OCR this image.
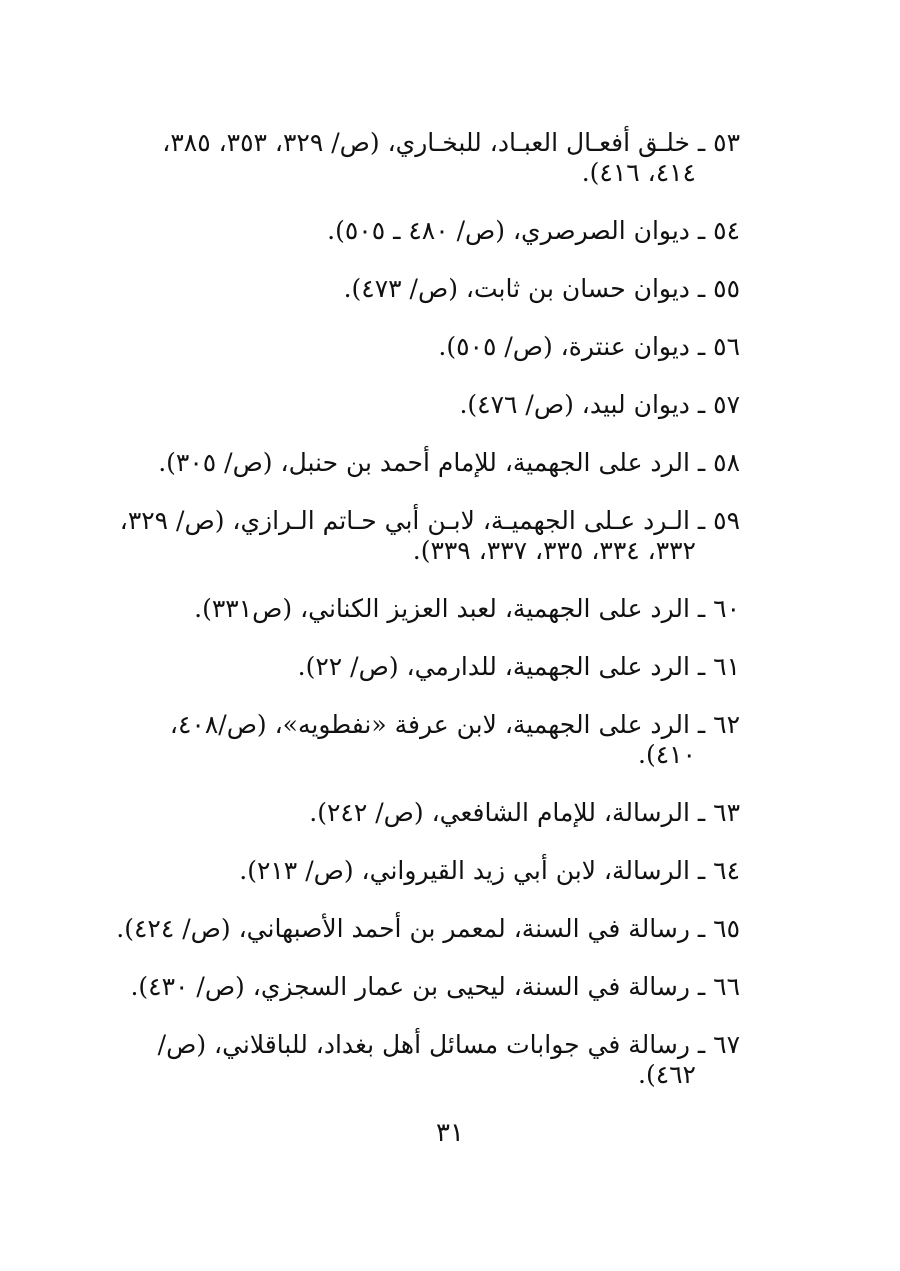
٥٣ ـ خلـق أفعـال العبـاد، للبخـاري، (ص/ ٣٢٩، ٣٥٣، ٣٨٥، ٤١٤، ٤١٦).
٥٤ ـ ديوان الصرصري، (ص/ ٤٨٠ ـ ٥٠٥).
٥٥ ـ ديوان حسان بن ثابت، (ص/ ٤٧٣).
٥٦ ـ ديوان عنترة، (ص/ ٥٠٥).
٥٧ ـ ديوان لبيد، (ص/ ٤٧٦).
٥٨ ـ الرد على الجهمية، للإمام أحمد بن حنبل، (ص/ ٣٠٥).
٥٩ ـ الـرد عـلى الجهميـة، لابـن أبي حـاتم الـرازي، (ص/ ٣٢٩، ٣٣٢، ٣٣٤، ٣٣٥، ٣٣٧، ٣٣٩).
٦٠ ـ الرد على الجهمية، لعبد العزيز الكناني، (ص٣٣١).
٦١ ـ الرد على الجهمية، للدارمي، (ص/ ٢٢).
٦٢ ـ الرد على الجهمية، لابن عرفة «نفطويه»، (ص/٤٠٨، ٤١٠).
٦٣ ـ الرسالة، للإمام الشافعي، (ص/ ٢٤٢).
٦٤ ـ الرسالة، لابن أبي زيد القيرواني، (ص/ ٢١٣).
٦٥ ـ رسالة في السنة، لمعمر بن أحمد الأصبهاني، (ص/ ٤٢٤).
٦٦ ـ رسالة في السنة، ليحيى بن عمار السجزي، (ص/ ٤٣٠).
٦٧ ـ رسالة في جوابات مسائل أهل بغداد، للباقلاني، (ص/ ٤٦٢).
٣١
